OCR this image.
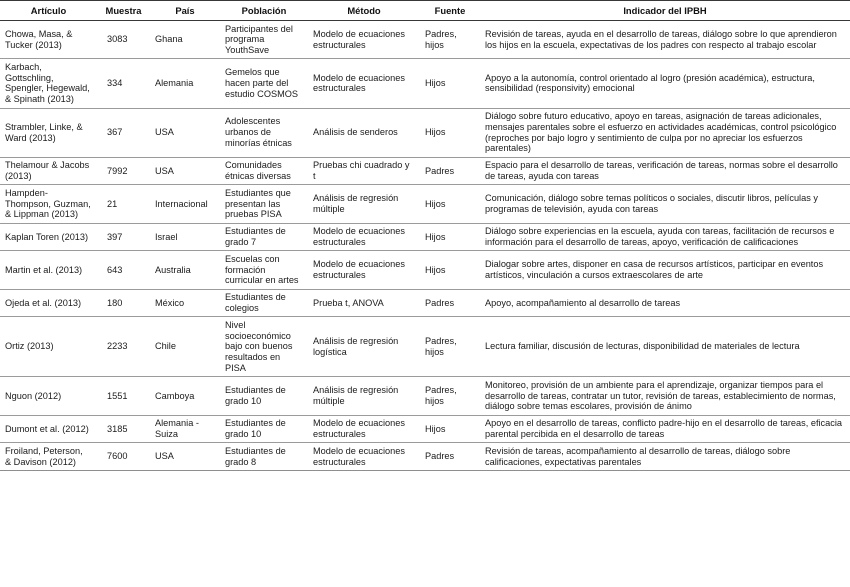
Artículo	Muestra	País	Población	Método	Fuente	Indicador del IPBH
Chowa, Masa, & Tucker (2013)	3083	Ghana	Participantes del programa YouthSave	Modelo de ecuaciones estructurales	Padres, hijos	Revisión de tareas, ayuda en el desarrollo de tareas, diálogo sobre lo que aprendieron los hijos en la escuela, expectativas de los padres con respecto al trabajo escolar
Karbach, Gottschling, Spengler, Hegewald, & Spinath (2013)	334	Alemania	Gemelos que hacen parte del estudio COSMOS	Modelo de ecuaciones estructurales	Hijos	Apoyo a la autonomía, control orientado al logro (presión académica), estructura, sensibilidad (responsivity) emocional
Strambler, Linke, & Ward (2013)	367	USA	Adolescentes urbanos de minorías étnicas	Análisis de senderos	Hijos	Diálogo sobre futuro educativo, apoyo en tareas, asignación de tareas adicionales, mensajes parentales sobre el esfuerzo en actividades académicas, control psicológico (reproches por bajo logro y sentimiento de culpa por no apreciar los esfuerzos parentales)
Thelamour & Jacobs (2013)	7992	USA	Comunidades étnicas diversas	Pruebas chi cuadrado y t	Padres	Espacio para el desarrollo de tareas, verificación de tareas, normas sobre el desarrollo de tareas, ayuda con tareas
Hampden-Thompson, Guzman, & Lippman (2013)	21	Internacional	Estudiantes que presentan las pruebas PISA	Análisis de regresión múltiple	Hijos	Comunicación, diálogo sobre temas políticos o sociales, discutir libros, películas y programas de televisión, ayuda con tareas
Kaplan Toren (2013)	397	Israel	Estudiantes de grado 7	Modelo de ecuaciones estructurales	Hijos	Diálogo sobre experiencias en la escuela, ayuda con tareas, facilitación de recursos e información para el desarrollo de tareas, apoyo, verificación de calificaciones
Martin et al. (2013)	643	Australia	Escuelas con formación curricular en artes	Modelo de ecuaciones estructurales	Hijos	Dialogar sobre artes, disponer en casa de recursos artísticos, participar en eventos artísticos, vinculación a cursos extraescolares de arte
Ojeda et al. (2013)	180	México	Estudiantes de colegios	Prueba t, ANOVA	Padres	Apoyo, acompañamiento al desarrollo de tareas
Ortiz (2013)	2233	Chile	Nivel socioeconómico bajo con buenos resultados en PISA	Análisis de regresión logística	Padres, hijos	Lectura familiar, discusión de lecturas, disponibilidad de materiales de lectura
Nguon (2012)	1551	Camboya	Estudiantes de grado 10	Análisis de regresión múltiple	Padres, hijos	Monitoreo, provisión de un ambiente para el aprendizaje, organizar tiempos para el desarrollo de tareas, contratar un tutor, revisión de tareas, establecimiento de normas, diálogo sobre temas escolares, provisión de ánimo
Dumont et al. (2012)	3185	Alemania - Suiza	Estudiantes de grado 10	Modelo de ecuaciones estructurales	Hijos	Apoyo en el desarrollo de tareas, conflicto padre-hijo en el desarrollo de tareas, eficacia parental percibida en el desarrollo de tareas
Froiland, Peterson, & Davison (2012)	7600	USA	Estudiantes de grado 8	Modelo de ecuaciones estructurales	Padres	Revisión de tareas, acompañamiento al desarrollo de tareas, diálogo sobre calificaciones, expectativas parentales
